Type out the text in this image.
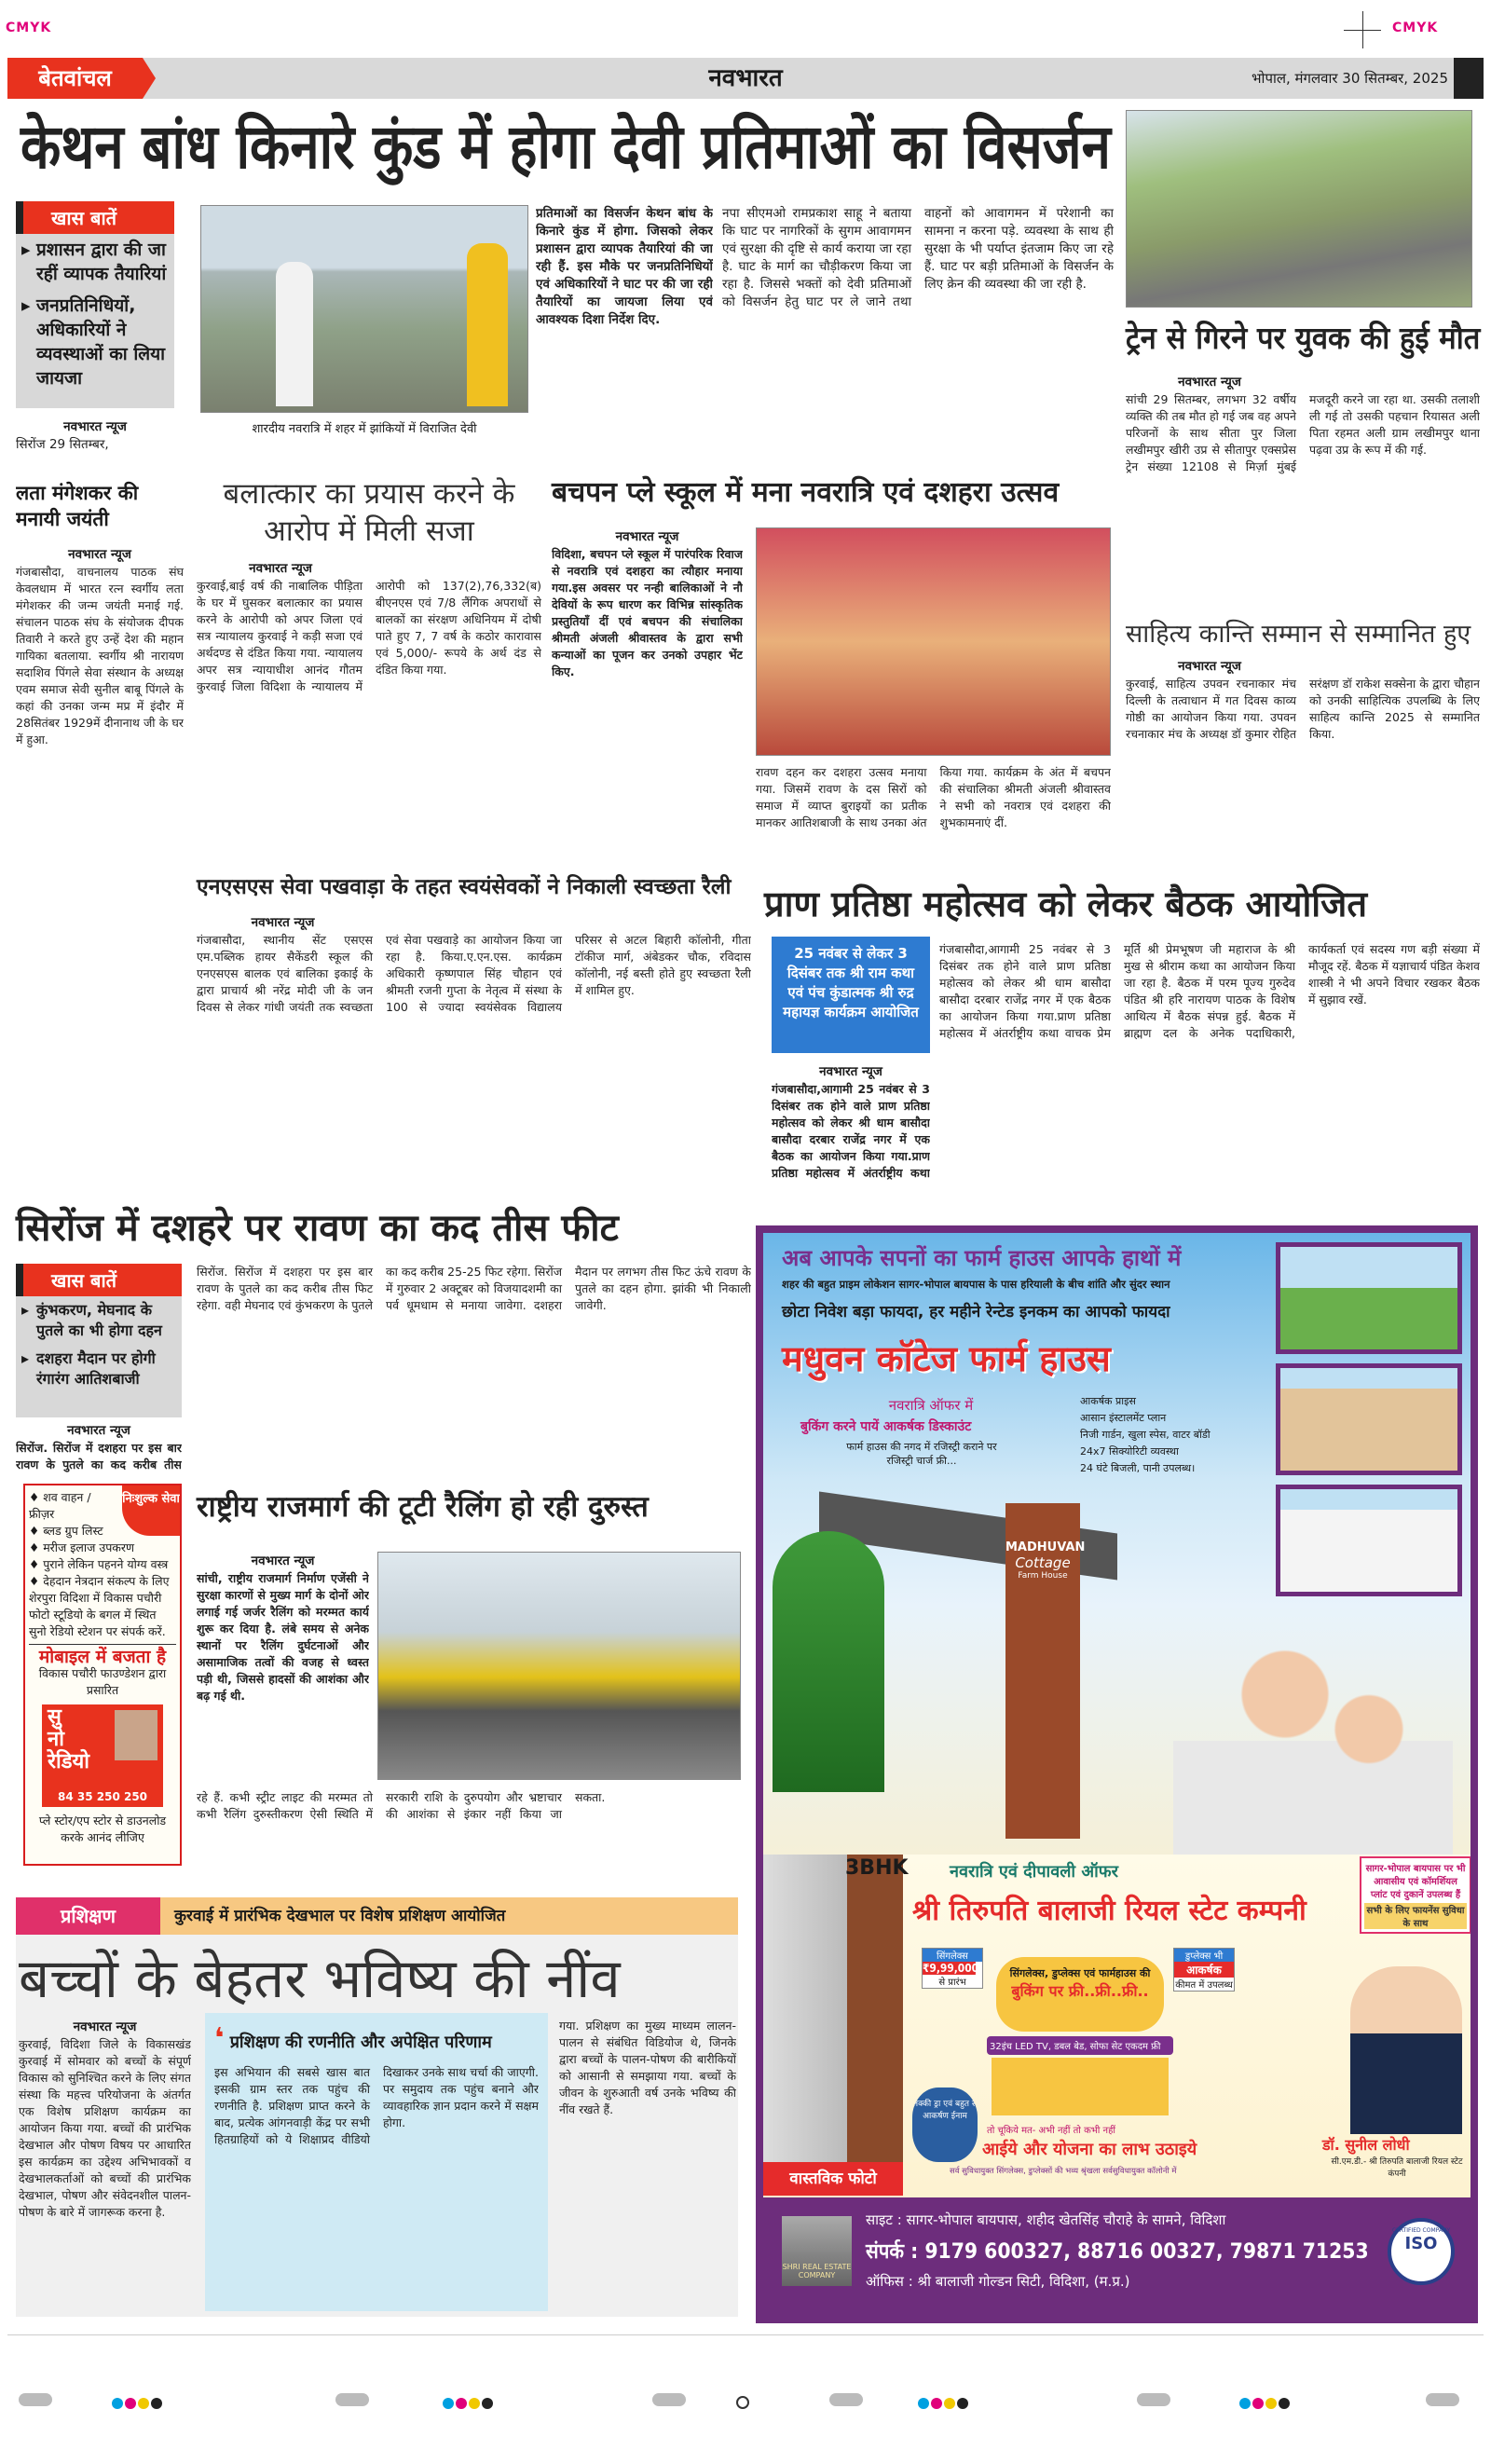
CMYK	CMYK
नवभारत
बेतवांचल	भोपाल, मंगलवार 30 सितम्बर, 2025
केथन बांध किनारे कुंड में होगा देवी प्रतिमाओं का विसर्जन
खास बातें
▸ प्रशासन द्वारा की जा रहीं व्यापक तैयारियां
▸ जनप्रतिनिधियों, अधिकारियों ने व्यवस्थाओं का लिया जायजा
नवभारत न्यूज
सिरोंज 29 सितम्बर,
शारदीय नवरात्रि में शहर में झांकियों में विराजित देवी
प्रतिमाओं का विसर्जन केथन बांध के किनारे कुंड में होगा. जिसको लेकर प्रशासन द्वारा व्यापक तैयारियां की जा रही हैं. इस मौके पर जनप्रतिनिधियों एवं अधिकारियों ने घाट पर की जा रही तैयारियों का जायजा लिया एवं आवश्यक दिशा निर्देश दिए.
नपा सीएमओ रामप्रकाश साहू ने बताया कि घाट पर नागरिकों के सुगम आवागमन एवं सुरक्षा की दृष्टि से कार्य कराया जा रहा है. घाट के मार्ग का चौड़ीकरण किया जा रहा है. जिससे भक्तों को देवी प्रतिमाओं को विसर्जन हेतु घाट पर ले जाने तथा वाहनों को आवागमन में परेशानी का सामना न करना पड़े. व्यवस्था के साथ ही सुरक्षा के भी पर्याप्त इंतजाम किए जा रहे हैं. घाट पर बड़ी प्रतिमाओं के विसर्जन के लिए क्रेन की व्यवस्था की जा रही है.
ट्रेन से गिरने पर युवक की हुई मौत
नवभारत न्यूज
सांची 29 सितम्बर, लगभग 32 वर्षीय व्यक्ति की तब मौत हो गई जब वह अपने परिजनों के साथ सीता पुर जिला लखीमपुर खीरी उप्र से सीतापुर एक्सप्रेस ट्रेन संख्या 12108 से मिर्ज़ा मुंबई मजदूरी करने जा रहा था. उसकी तलाशी ली गई तो उसकी पहचान रियासत अली पिता रहमत अली ग्राम लखीमपुर थाना पढ़वा उप्र के रूप में की गई.
साहित्य कान्ति सम्मान से सम्मानित हुए
नवभारत न्यूज
कुरवाई, साहित्य उपवन रचनाकार मंच दिल्ली के तत्वाधान में गत दिवस काव्य गोष्ठी का आयोजन किया गया. उपवन रचनाकार मंच के अध्यक्ष डॉ कुमार रोहित सरंक्षण डॉ राकेश सक्सेना के द्वारा चौहान को उनकी साहित्यिक उपलब्धि के लिए साहित्य कान्ति 2025 से सम्मानित किया.
लता मंगेशकर की मनायी जयंती
नवभारत न्यूज
गंजबासौदा, वाचनालय पाठक संघ केवलधाम में भारत रत्न स्वर्गीय लता मंगेशकर की जन्म जयंती मनाई गई. संचालन पाठक संघ के संयोजक दीपक तिवारी ने करते हुए उन्हें देश की महान गायिका बतलाया. स्वर्गीय श्री नारायण सदाशिव पिंगले सेवा संस्थान के अध्यक्ष एवम समाज सेवी सुनील बाबू पिंगले के कहां की उनका जन्म मप्र में इंदौर में 28सितंबर 1929में दीनानाथ जी के घर में हुआ.
बलात्कार का प्रयास करने के आरोप में मिली सजा
नवभारत न्यूज
कुरवाई,बाई वर्ष की नाबालिक पीड़िता के घर में घुसकर बलात्कार का प्रयास करने के आरोपी को अपर जिला एवं सत्र न्यायालय कुरवाई ने कड़ी सजा एवं अर्थदण्ड से दंडित किया गया. न्यायालय अपर सत्र न्यायाधीश आनंद गौतम कुरवाई जिला विदिशा के न्यायालय में आरोपी को 137(2),76,332(ब) बीएनएस एवं 7/8 लैंगिक अपराधों से बालकों का संरक्षण अधिनियम में दोषी पाते हुए 7, 7 वर्ष के कठोर कारावास एवं 5,000/- रूपये के अर्थ दंड से दंडित किया गया.
बचपन प्ले स्कूल में मना नवरात्रि एवं दशहरा उत्सव
नवभारत न्यूज
विदिशा, बचपन प्ले स्कूल में पारंपरिक रिवाज से नवरात्रि एवं दशहरा का त्यौहार मनाया गया.इस अवसर पर नन्ही बालिकाओं ने नौ देवियों के रूप धारण कर विभिन्न सांस्कृतिक प्रस्तुतियाँ दीं एवं बचपन की संचालिका श्रीमती अंजली श्रीवास्तव के द्वारा सभी कन्याओं का पूजन कर उनको उपहार भेंट किए.
रावण दहन कर दशहरा उत्सव मनाया गया. जिसमें रावण के दस सिरों को समाज में व्याप्त बुराइयों का प्रतीक मानकर आतिशबाजी के साथ उनका अंत किया गया. कार्यक्रम के अंत में बचपन की संचालिका श्रीमती अंजली श्रीवास्तव ने सभी को नवरात्र एवं दशहरा की शुभकामनाएं दीं.
एनएसएस सेवा पखवाड़ा के तहत स्वयंसेवकों ने निकाली स्वच्छता रैली
नवभारत न्यूज
गंजबासौदा, स्थानीय सेंट एसएस एम.पब्लिक हायर सैकेंडरी स्कूल की एनएसएस बालक एवं बालिका इकाई के द्वारा प्राचार्य श्री नरेंद्र मोदी जी के जन दिवस से लेकर गांधी जयंती तक स्वच्छता एवं सेवा पखवाड़े का आयोजन किया जा रहा है. किया.ए.एन.एस. कार्यक्रम अधिकारी कृष्णपाल सिंह चौहान एवं श्रीमती रजनी गुप्ता के नेतृत्व में संस्था के 100 से ज्यादा स्वयंसेवक विद्यालय परिसर से अटल बिहारी कॉलोनी, गीता टॉकीज मार्ग, अंबेडकर चौक, रविदास कॉलोनी, नई बस्ती होते हुए स्वच्छता रैली में शामिल हुए.
प्राण प्रतिष्ठा महोत्सव को लेकर बैठक आयोजित
25 नवंबर से लेकर 3 दिसंबर तक श्री राम कथा एवं पंच कुंडात्मक श्री रुद्र महायज्ञ कार्यक्रम आयोजित
नवभारत न्यूज
गंजबासौदा,आगामी 25 नवंबर से 3 दिसंबर तक होने वाले प्राण प्रतिष्ठा महोत्सव को लेकर श्री धाम बासौदा बासौदा दरबार राजेंद्र नगर में एक बैठक का आयोजन किया गया.प्राण प्रतिष्ठा महोत्सव में अंतर्राष्ट्रीय कथा
गंजबासौदा,आगामी 25 नवंबर से 3 दिसंबर तक होने वाले प्राण प्रतिष्ठा महोत्सव को लेकर श्री धाम बासौदा बासौदा दरबार राजेंद्र नगर में एक बैठक का आयोजन किया गया.प्राण प्रतिष्ठा महोत्सव में अंतर्राष्ट्रीय कथा वाचक प्रेम मूर्ति श्री प्रेमभूषण जी महाराज के श्री मुख से श्रीराम कथा का आयोजन किया जा रहा है. बैठक में परम पूज्य गुरुदेव पंडित श्री हरि नारायण पाठक के विशेष आथित्य में बैठक संपन्न हुई. बैठक में ब्राह्मण दल के अनेक पदाधिकारी, कार्यकर्ता एवं सदस्य गण बड़ी संख्या में मौजूद रहें. बैठक में यज्ञाचार्य पंडित केशव शास्त्री ने भी अपने विचार रखकर बैठक में सुझाव रखें.
सिरोंज में दशहरे पर रावण का कद तीस फीट
खास बातें
▸ कुंभकरण, मेघनाद के पुतले का भी होगा दहन
▸ दशहरा मैदान पर होगी रंगारंग आतिशबाजी
नवभारत न्यूज
सिरोंज. सिरोंज में दशहरा पर इस बार रावण के पुतले का कद करीब तीस
सिरोंज. सिरोंज में दशहरा पर इस बार रावण के पुतले का कद करीब तीस फिट रहेगा. वही मेघनाद एवं कुंभकरण के पुतले का कद करीब 25-25 फिट रहेगा. सिरोंज में गुरुवार 2 अक्टूबर को विजयादशमी का पर्व धूमधाम से मनाया जावेगा. दशहरा मैदान पर लगभग तीस फिट ऊंचे रावण के पुतले का दहन होगा. झांकी भी निकाली जावेगी.
निःशुल्क सेवा
♦ शव वाहन / फ्रीज़र
♦ ब्लड ग्रुप लिस्ट
♦ मरीज इलाज उपकरण
♦ पुराने लेकिन पहनने योग्य वस्त्र
♦ देहदान नेत्रदान संकल्प के लिए शेरपुरा विदिशा में विकास पचौरी फोटो स्टूडियो के बगल में स्थित सुनो रेडियो स्टेशन पर संपर्क करें.
मोबाइल में बजता है
विकास पचौरी फाउण्डेशन द्वारा प्रसारित
सु
नो
रेडियो
84 35 250 250
प्ले स्टोर/एप स्टोर से डाउनलोड करके आनंद लीजिए
राष्ट्रीय राजमार्ग की टूटी रैलिंग हो रही दुरुस्त
नवभारत न्यूज
सांची, राष्ट्रीय राजमार्ग निर्माण एजेंसी ने सुरक्षा कारणों से मुख्य मार्ग के दोनों ओर लगाई गई जर्जर रैलिंग को मरम्मत कार्य शुरू कर दिया है. लंबे समय से अनेक स्थानों पर रैलिंग दुर्घटनाओं और असामाजिक तत्वों की वजह से ध्वस्त पड़ी थी, जिससे हादसों की आशंका और बढ़ गई थी.
रहे हैं. कभी स्ट्रीट लाइट की मरम्मत तो कभी रैलिंग दुरुस्तीकरण ऐसी स्थिति में सरकारी राशि के दुरुपयोग और भ्रष्टाचार की आशंका से इंकार नहीं किया जा सकता.
प्रशिक्षण	कुरवाई में प्रारंभिक देखभाल पर विशेष प्रशिक्षण आयोजित
बच्चों के बेहतर भविष्य की नींव
नवभारत न्यूज
कुरवाई, विदिशा जिले के विकासखंड कुरवाई में सोमवार को बच्चों के संपूर्ण विकास को सुनिश्चित करने के लिए संगत संस्था कि महत्त्व परियोजना के अंतर्गत एक विशेष प्रशिक्षण कार्यक्रम का आयोजन किया गया. बच्चों की प्रारंभिक देखभाल और पोषण विषय पर आधारित इस कार्यक्रम का उद्देश्य अभिभावकों व देखभालकर्ताओं को बच्चों की प्रारंभिक देखभाल, पोषण और संवेदनशील पालन-पोषण के बारे में जागरूक करना है.
❛ प्रशिक्षण की रणनीति और अपेक्षित परिणाम
इस अभियान की सबसे खास बात इसकी ग्राम स्तर तक पहुंच की रणनीति है. प्रशिक्षण प्राप्त करने के बाद, प्रत्येक आंगनवाड़ी केंद्र पर सभी हितग्राहियों को ये शिक्षाप्रद वीडियो दिखाकर उनके साथ चर्चा की जाएगी. पर समुदाय तक पहुंच बनाने और व्यावहारिक ज्ञान प्रदान करने में सक्षम होगा.
गया. प्रशिक्षण का मुख्य माध्यम लालन-पालन से संबंधित विडियोज थे, जिनके द्वारा बच्चों के पालन-पोषण की बारीकियों को आसानी से समझाया गया. बच्चों के जीवन के शुरुआती वर्ष उनके भविष्य की नींव रखते हैं.
अब आपके सपनों का फार्म हाउस आपके हाथों में
शहर की बहुत प्राइम लोकेशन सागर-भोपाल बायपास के पास हरियाली के बीच शांति और सुंदर स्थान
छोटा निवेश बड़ा फायदा, हर महीने रेन्टेड इनकम का आपको फायदा
मधुवन कॉटेज फार्म हाउस
नवरात्रि ऑफर में
बुकिंग करने पायें आकर्षक डिस्काउंट
फार्म हाउस की नगद में रजिस्ट्री कराने पर रजिस्ट्री चार्ज फ्री...
आकर्षक प्राइस
आसान इंस्टालमेंट प्लान
निजी गार्डन, खुला स्पेस, वाटर बॉडी
24x7 सिक्योरिटी व्यवस्था
24 घंटे बिजली, पानी उपलब्ध।
MADHUVAN
Cottage
Farm House
3BHK
वास्तविक फोटो
नवरात्रि एवं दीपावली ऑफर
श्री तिरुपति बालाजी रियल स्टेट कम्पनी
सागर-भोपाल बायपास पर भी आवासीय एवं कॉमर्शियल प्लांट एवं दुकानें उपलब्ध हैं
सभी के लिए फायनेंस सुविधा के साथ
सिंगलेक्स
₹9,99,000/
से प्रारंभ
सिंगलेक्स, डुप्लेक्स एवं फार्महाउस की
बुकिंग पर फ्री..फ्री..फ्री..
डुप्लेक्स भी
आकर्षक
कीमत में उपलब्ध
32इंच LED TV, डबल बेड, सोफा सेट एकदम फ्री
लक्की ड्रा एवं बहुत से आकर्षण ईनाम
तो चूकिये मत- अभी नहीं तो कभी नहीं
आईये और योजना का लाभ उठाइये
सर्व सुविधायुक्त सिंगलेक्स, डुप्लेक्सों की भव्य श्रृंखला सर्वसुविधायुक्त कॉलोनी में
डॉ. सुनील लोधी
सी.एम.डी.- श्री तिरुपति बालाजी रियल स्टेट कंपनी
SHRI REAL ESTATE COMPANY
साइट : सागर-भोपाल बायपास, शहीद खेतसिंह चौराहे के सामने, विदिशा
संपर्क : 9179 600327, 88716 00327, 79871 71253
ऑफिस : श्री बालाजी गोल्डन सिटी, विदिशा, (म.प्र.)
CERTIFIED COMPANY
ISO
